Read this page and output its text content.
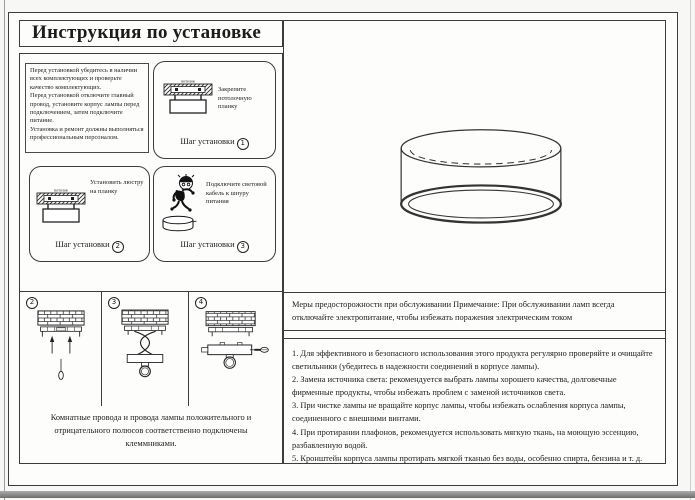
Инструкция по установке

Перед установкой убедитесь в наличии всех комплектующих и проверьте качество комплектующих.

Перед установкой отключите главный провод, установите корпус лампы перед подключением, затем подключите питание.

Установка и ремонт должны выполняться профессиональным персоналом.

потолок
Закрепите потолочную планку
Шаг установки 1
потолок
Установить люстру на планку
Шаг установки 2
Подключите световой кабель к шнуру питания
Шаг установки 3
2	3	4
Комнатные провода и провода лампы положительного и отрицательного полюсов соответственно подключены клеммниками.

Меры предосторожности при обслуживании Примечание: При обслуживании ламп всегда отключайте электропитание, чтобы избежать поражения электрическим током

1. Для эффективного и безопасного использования этого продукта регулярно проверяйте и очищайте светильники (убедитесь в надежности соединений в корпусе лампы).
2. Замена источника света: рекомендуется выбрать лампы хорошего качества, долговечные фирменные продукты, чтобы избежать проблем с заменой источников света.
3. При чистке лампы не вращайте корпус лампы, чтобы избежать ослабления корпуса лампы, соединенного с внешними винтами.
4. При протирании плафонов, рекомендуется использовать мягкую ткань, на моющую эссенцию, разбавленную водой.
5. Кронштейн корпуса лампы протирать мягкой тканью без воды, особенно спирта, бензина и т. д.
